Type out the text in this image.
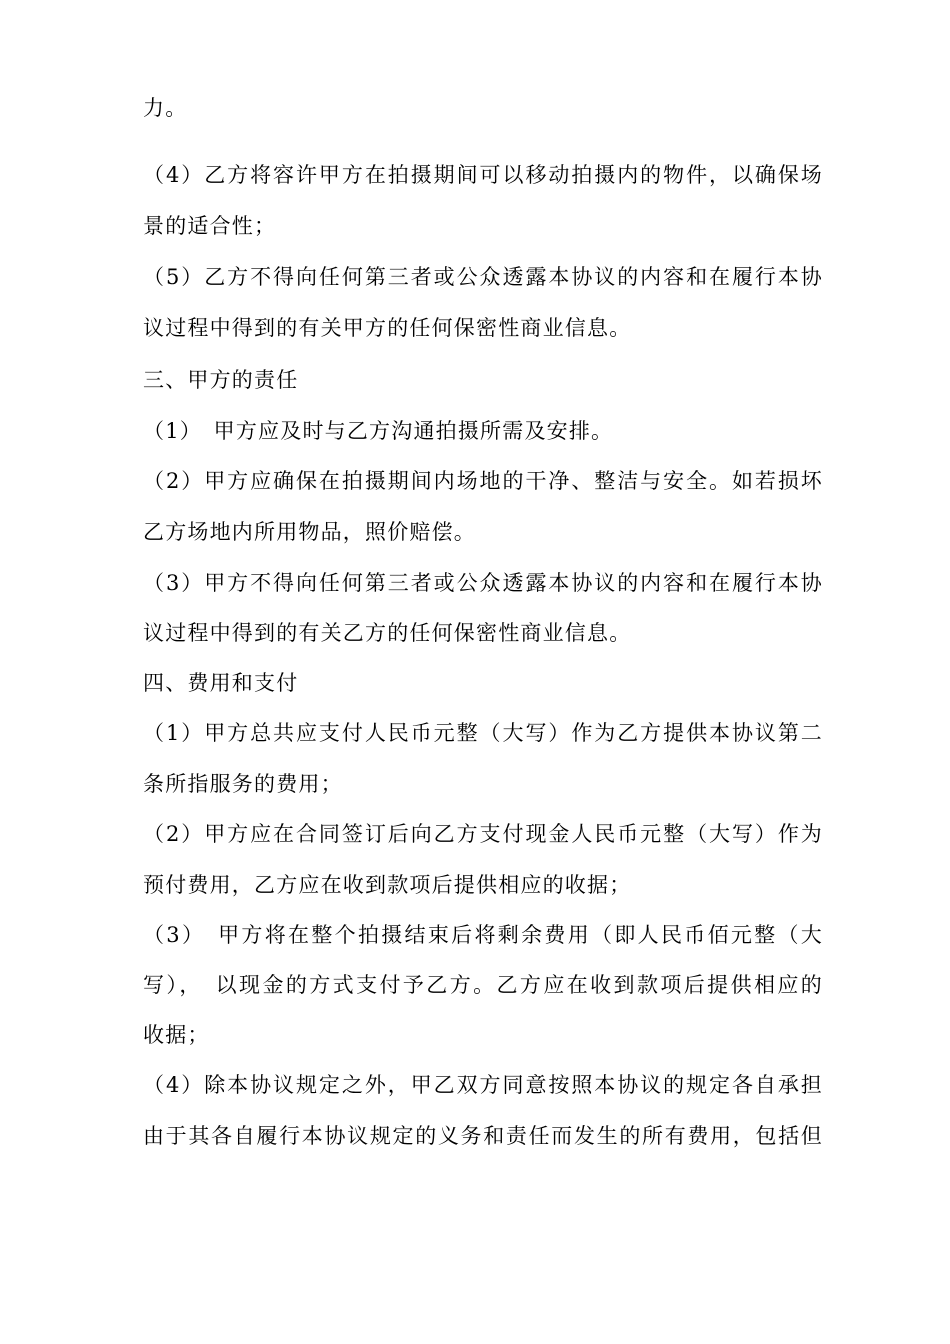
力。
（4）乙方将容许甲方在拍摄期间可以移动拍摄内的物件，以确保场
景的适合性；
（5）乙方不得向任何第三者或公众透露本协议的内容和在履行本协
议过程中得到的有关甲方的任何保密性商业信息。
三、甲方的责任
（1）　甲方应及时与乙方沟通拍摄所需及安排。
（2）甲方应确保在拍摄期间内场地的干净、整洁与安全。如若损坏
乙方场地内所用物品，照价赔偿。
（3）甲方不得向任何第三者或公众透露本协议的内容和在履行本协
议过程中得到的有关乙方的任何保密性商业信息。
四、费用和支付
（1）甲方总共应支付人民币元整（大写）作为乙方提供本协议第二
条所指服务的费用；
（2）甲方应在合同签订后向乙方支付现金人民币元整（大写）作为
预付费用，乙方应在收到款项后提供相应的收据；
（3）　甲方将在整个拍摄结束后将剩余费用（即人民币佰元整（大
写），　以现金的方式支付予乙方。乙方应在收到款项后提供相应的
收据；
（4）除本协议规定之外，甲乙双方同意按照本协议的规定各自承担
由于其各自履行本协议规定的义务和责任而发生的所有费用，包括但
